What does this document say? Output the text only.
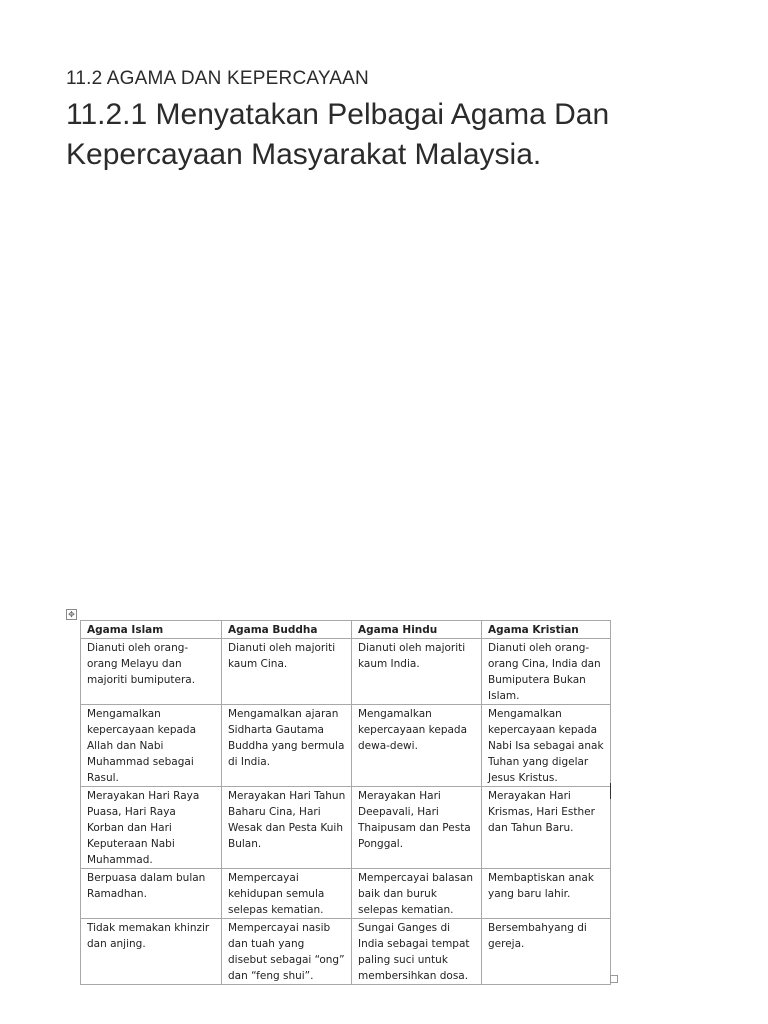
11.2 AGAMA DAN KEPERCAYAAN
11.2.1 Menyatakan Pelbagai Agama Dan Kepercayaan Masyarakat Malaysia.
✥
Agama Islam	Agama Buddha	Agama Hindu	Agama Kristian
Dianuti oleh orang-orang Melayu dan majoriti bumiputera.	Dianuti oleh majoriti kaum Cina.	Dianuti oleh majoriti kaum India.	Dianuti oleh orang-orang Cina, India dan Bumiputera Bukan Islam.
Mengamalkan kepercayaan kepada Allah dan Nabi Muhammad sebagai Rasul.	Mengamalkan ajaran Sidharta Gautama Buddha yang bermula di India.	Mengamalkan kepercayaan kepada dewa-dewi.	Mengamalkan kepercayaan kepada Nabi Isa sebagai anak Tuhan yang digelar Jesus Kristus.
Merayakan Hari Raya Puasa, Hari Raya Korban dan Hari Keputeraan Nabi Muhammad.	Merayakan Hari Tahun Baharu Cina, Hari Wesak dan Pesta Kuih Bulan.	Merayakan Hari Deepavali, Hari Thaipusam dan Pesta Ponggal.	Merayakan Hari Krismas, Hari Esther dan Tahun Baru.
Berpuasa dalam bulan Ramadhan.	Mempercayai kehidupan semula selepas kematian.	Mempercayai balasan baik dan buruk selepas kematian.	Membaptiskan anak yang baru lahir.
Tidak memakan khinzir dan anjing.	Mempercayai nasib dan tuah yang disebut sebagai “ong” dan “feng shui”.	Sungai Ganges di India sebagai tempat paling suci untuk membersihkan dosa.	Bersembahyang di gereja.
